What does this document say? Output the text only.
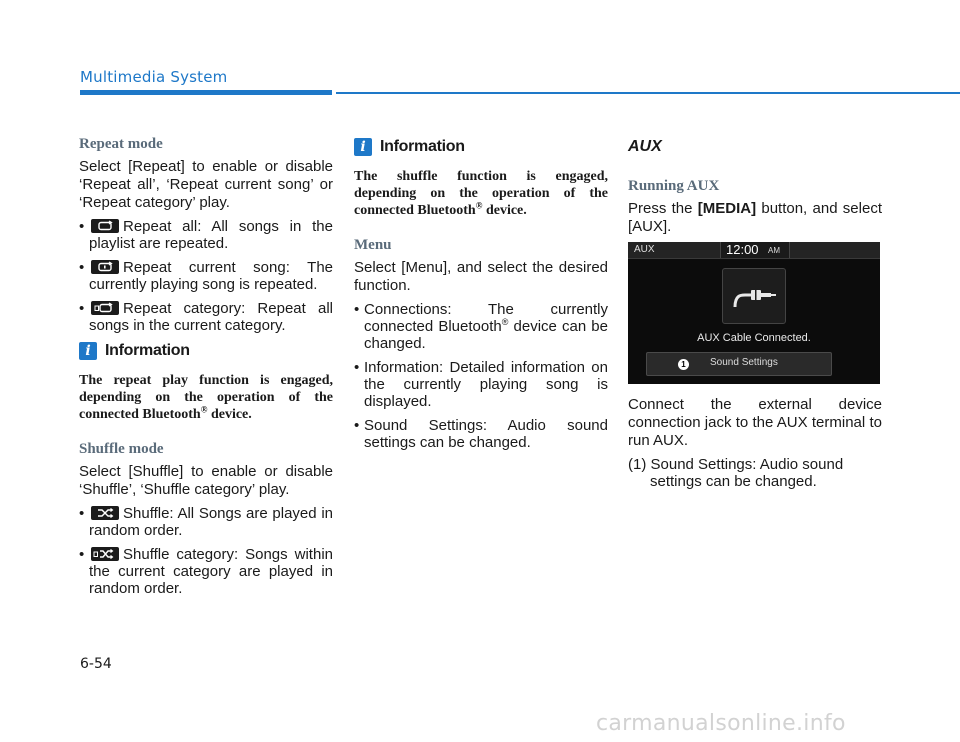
Multimedia System
Repeat mode

Select [Repeat] to enable or disable ‘Repeat all’, ‘Repeat current song’ or ‘Repeat category’ play.

• Repeat all: All songs in the playlist are repeated.
• Repeat current song: The currently playing song is repeated.
• Repeat category: Repeat all songs in the current category.
i Information

The repeat play function is engaged, depending on the operation of the connected Bluetooth® device.

Shuffle mode

Select [Shuffle] to enable or disable ‘Shuffle’, ‘Shuffle category’ play.

• Shuffle: All Songs are played in random order.
• Shuffle category: Songs within the current category are played in random order.
i Information

The shuffle function is engaged, depending on the operation of the connected Bluetooth® device.

Menu

Select [Menu], and select the desired function.

• Connections: The currently connected Bluetooth® device can be changed.
• Information: Detailed information on the currently playing song is displayed.
• Sound Settings: Audio sound settings can be changed.
AUX
Running AUX

Press the [MEDIA] button, and select [AUX].

AUX	12:00 AM
AUX Cable Connected.
1	Sound Settings

Connect the external device connection jack to the AUX terminal to run AUX.

(1) Sound Settings: Audio sound settings can be changed.
6-54
carmanualsonline.info
